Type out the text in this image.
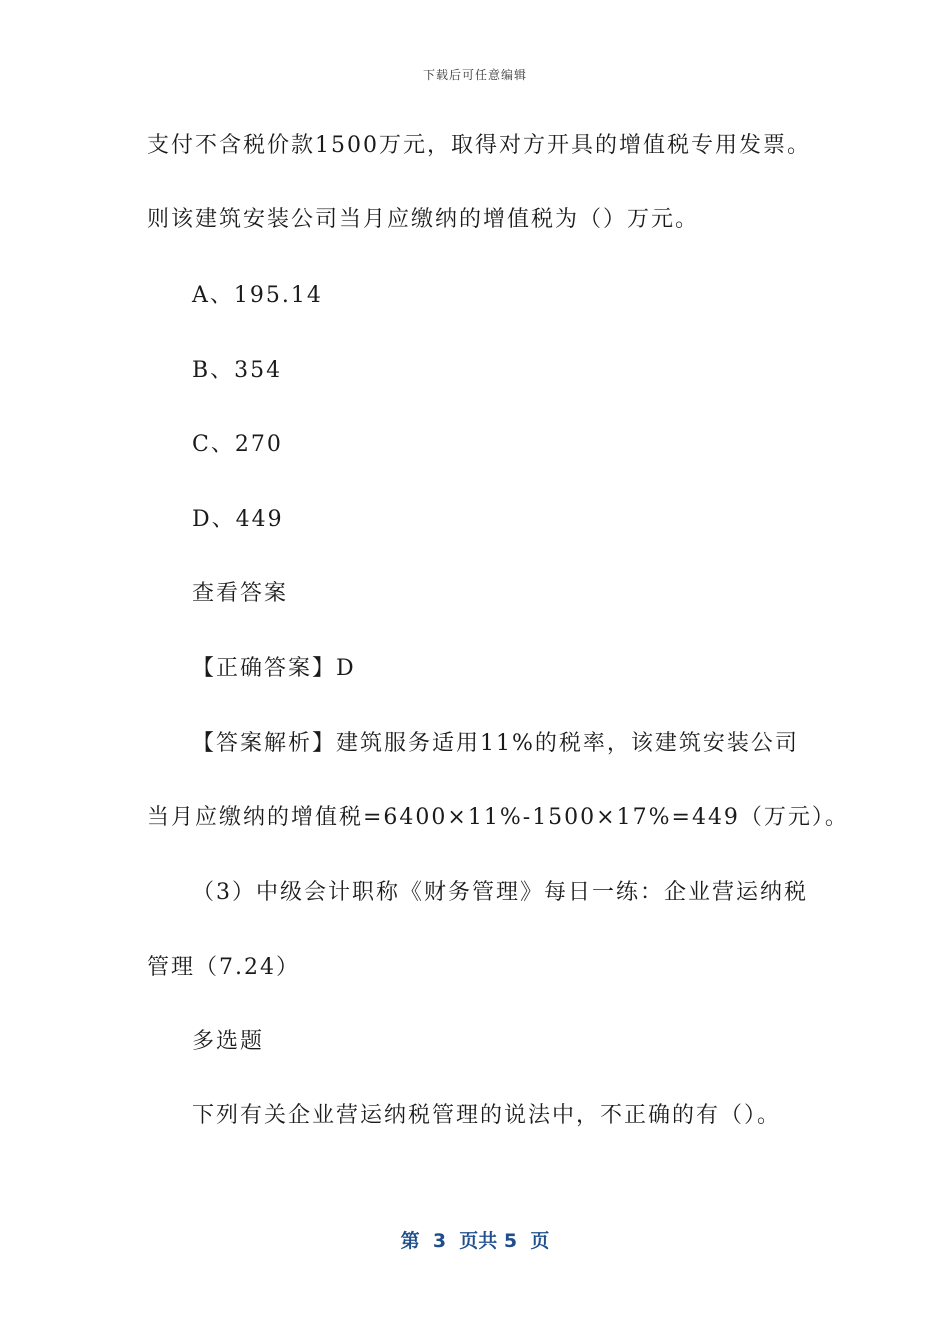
下载后可任意编辑
支付不含税价款1500万元，取得对方开具的增值税专用发票。
则该建筑安装公司当月应缴纳的增值税为（）万元。
A、195.14
B、354
C、270
D、449
查看答案
【正确答案】D
【答案解析】建筑服务适用11%的税率，该建筑安装公司
当月应缴纳的增值税=6400×11%-1500×17%=449（万元）。
（3）中级会计职称《财务管理》每日一练：企业营运纳税
管理（7.24）
多选题
下列有关企业营运纳税管理的说法中，不正确的有（）。
第  3  页共 5  页
